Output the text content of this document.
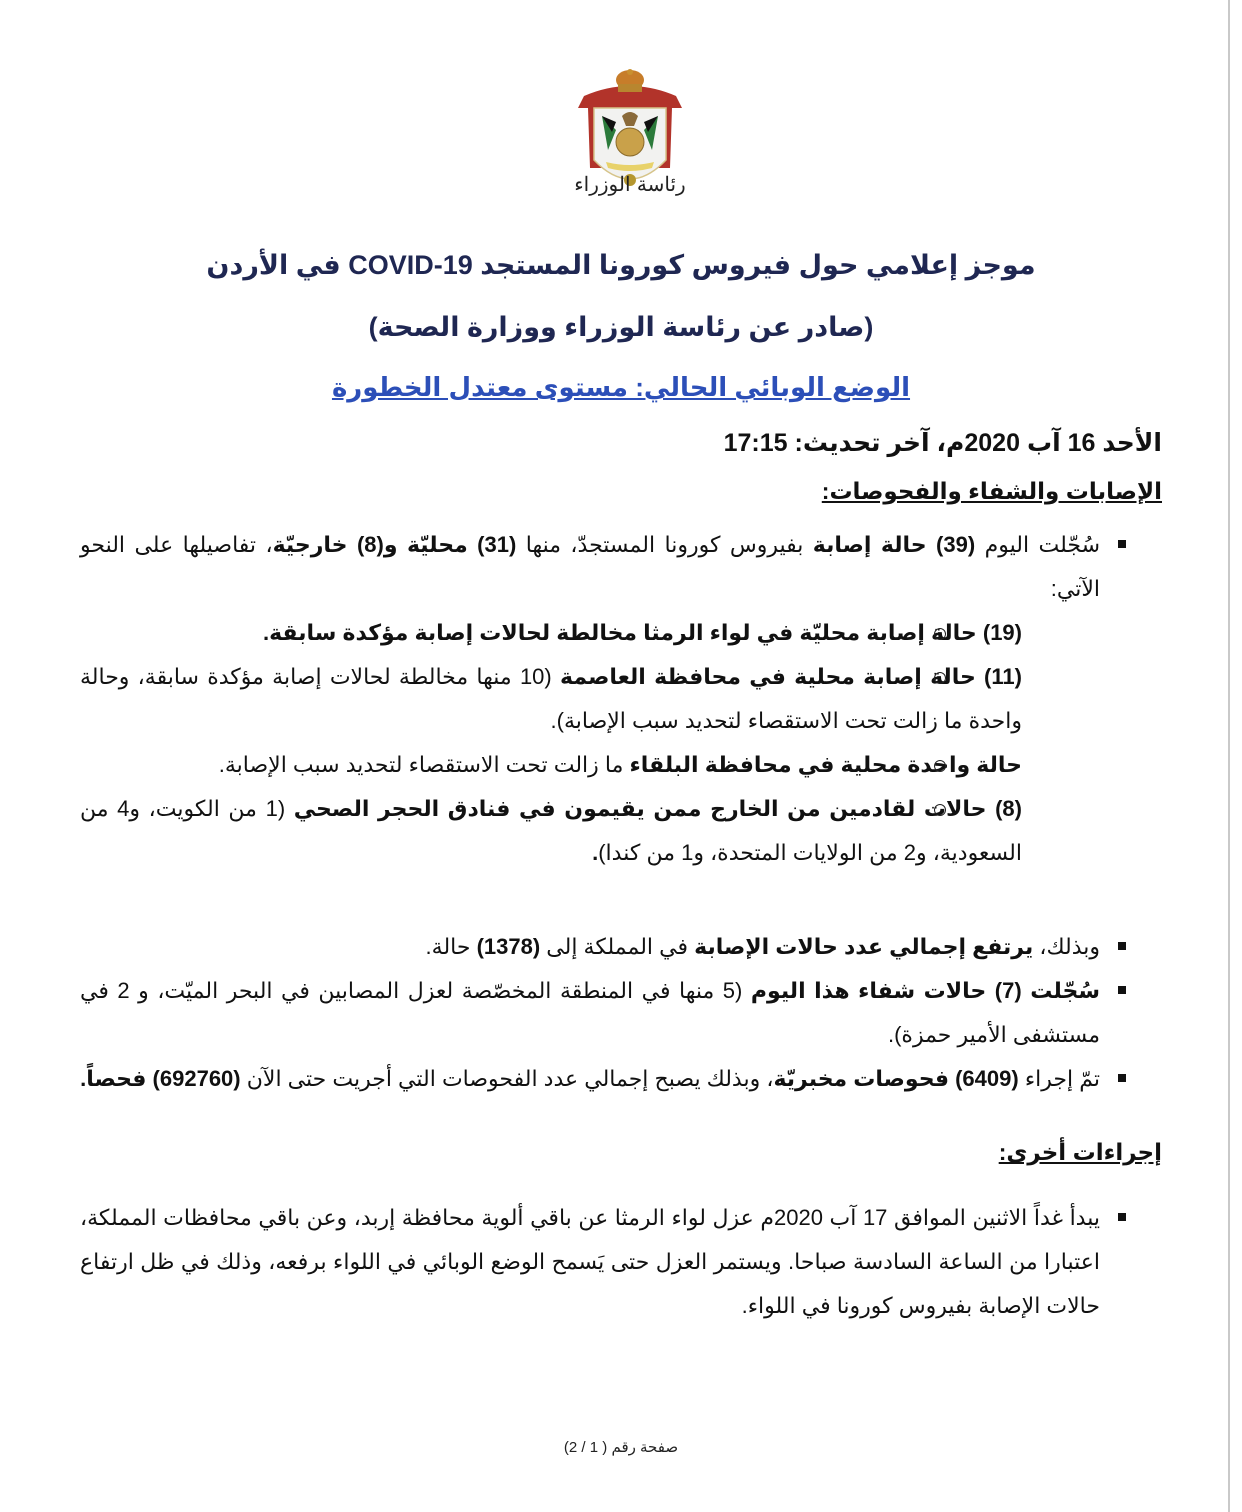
رئاسة الوزراء
موجز إعلامي حول فيروس كورونا المستجد COVID-19 في الأردن
(صادر عن رئاسة الوزراء ووزارة الصحة)
الوضع الوبائي الحالي: مستوى معتدل الخطورة
الأحد 16 آب 2020م، آخر تحديث: 17:15
الإصابات والشفاء والفحوصات:
سُجّلت اليوم (39) حالة إصابة بفيروس كورونا المستجدّ، منها (31) محليّة و(8) خارجيّة، تفاصيلها على النحو الآتي:
(19) حالة إصابة محليّة في لواء الرمثا مخالطة لحالات إصابة مؤكدة سابقة.
(11) حالة إصابة محلية في محافظة العاصمة (10 منها مخالطة لحالات إصابة مؤكدة سابقة، وحالة واحدة ما زالت تحت الاستقصاء لتحديد سبب الإصابة).
حالة واحدة محلية في محافظة البلقاء ما زالت تحت الاستقصاء لتحديد سبب الإصابة.
(8) حالات لقادمين من الخارج ممن يقيمون في فنادق الحجر الصحي (1 من الكويت، و4 من السعودية، و2 من الولايات المتحدة، و1 من كندا).
وبذلك، يرتفع إجمالي عدد حالات الإصابة في المملكة إلى (1378) حالة.
سُجّلت (7) حالات شفاء هذا اليوم (5 منها في المنطقة المخصّصة لعزل المصابين في البحر الميّت، و 2 في مستشفى الأمير حمزة).
تمّ إجراء (6409) فحوصات مخبريّة، وبذلك يصبح إجمالي عدد الفحوصات التي أجريت حتى الآن (692760) فحصاً.
إجراءات أخرى:
يبدأ غداً الاثنين الموافق 17 آب 2020م عزل لواء الرمثا عن باقي ألوية محافظة إربد، وعن باقي محافظات المملكة، اعتبارا من الساعة السادسة صباحا. ويستمر العزل حتى يَسمح الوضع الوبائي في اللواء برفعه، وذلك في ظل ارتفاع حالات الإصابة بفيروس كورونا في اللواء.
صفحة رقم ( 1 / 2)
